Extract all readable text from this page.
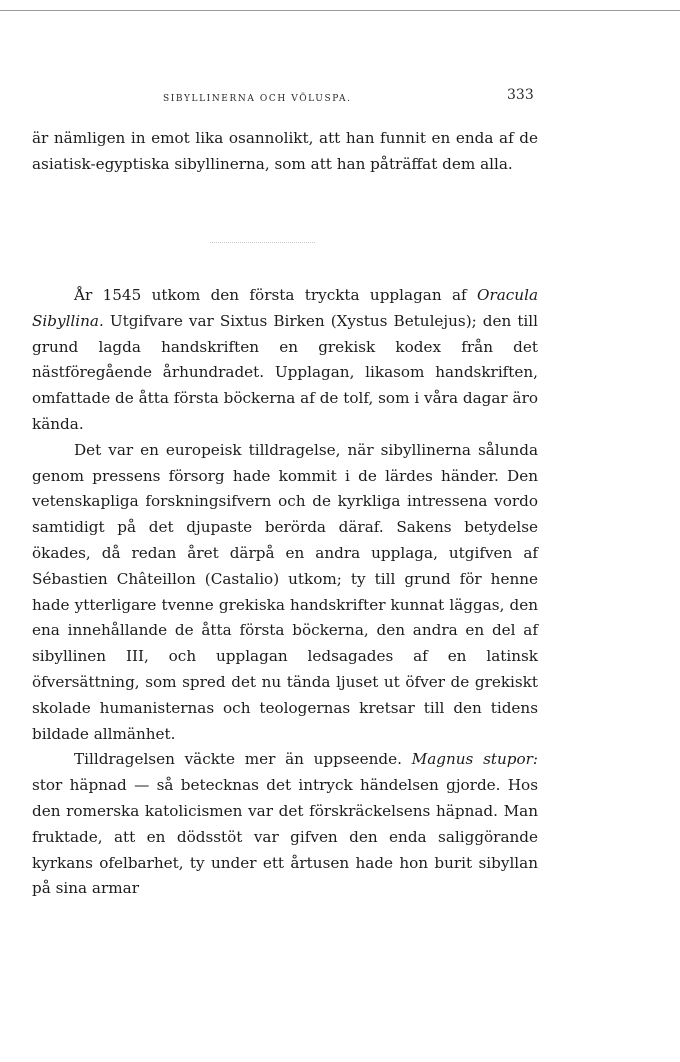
SIBYLLINERNA OCH VÖLUSPA.	333

är nämligen in emot lika osannolikt, att han funnit en enda af de asiatisk-egyptiska sibyllinerna, som att han påträffat dem alla.

År 1545 utkom den första tryckta upplagan af Oracula Sibyllina. Utgifvare var Sixtus Birken (Xystus Betulejus); den till grund lagda handskriften en grekisk kodex från det nästföregående århundradet. Upplagan, likasom handskriften, omfattade de åtta första böckerna af de tolf, som i våra dagar äro kända.

Det var en europeisk tilldragelse, när sibyllinerna sålunda genom pressens försorg hade kommit i de lärdes händer. Den vetenskapliga forskningsifvern och de kyrkliga intressena vordo samtidigt på det djupaste berörda däraf. Sakens betydelse ökades, då redan året därpå en andra upplaga, utgifven af Sébastien Châteillon (Castalio) utkom; ty till grund för henne hade ytterligare tvenne grekiska handskrifter kunnat läggas, den ena innehållande de åtta första böckerna, den andra en del af sibyllinen III, och upplagan ledsagades af en latinsk öfversättning, som spred det nu tända ljuset ut öfver de grekiskt skolade humanisternas och teologernas kretsar till den tidens bildade allmänhet.

Tilldragelsen väckte mer än uppseende. Magnus stupor: stor häpnad — så betecknas det intryck händelsen gjorde. Hos den romerska katolicismen var det förskräckelsens häpnad. Man fruktade, att en dödsstöt var gifven den enda saliggörande kyrkans ofelbarhet, ty under ett årtusen hade hon burit sibyllan på sina armar
